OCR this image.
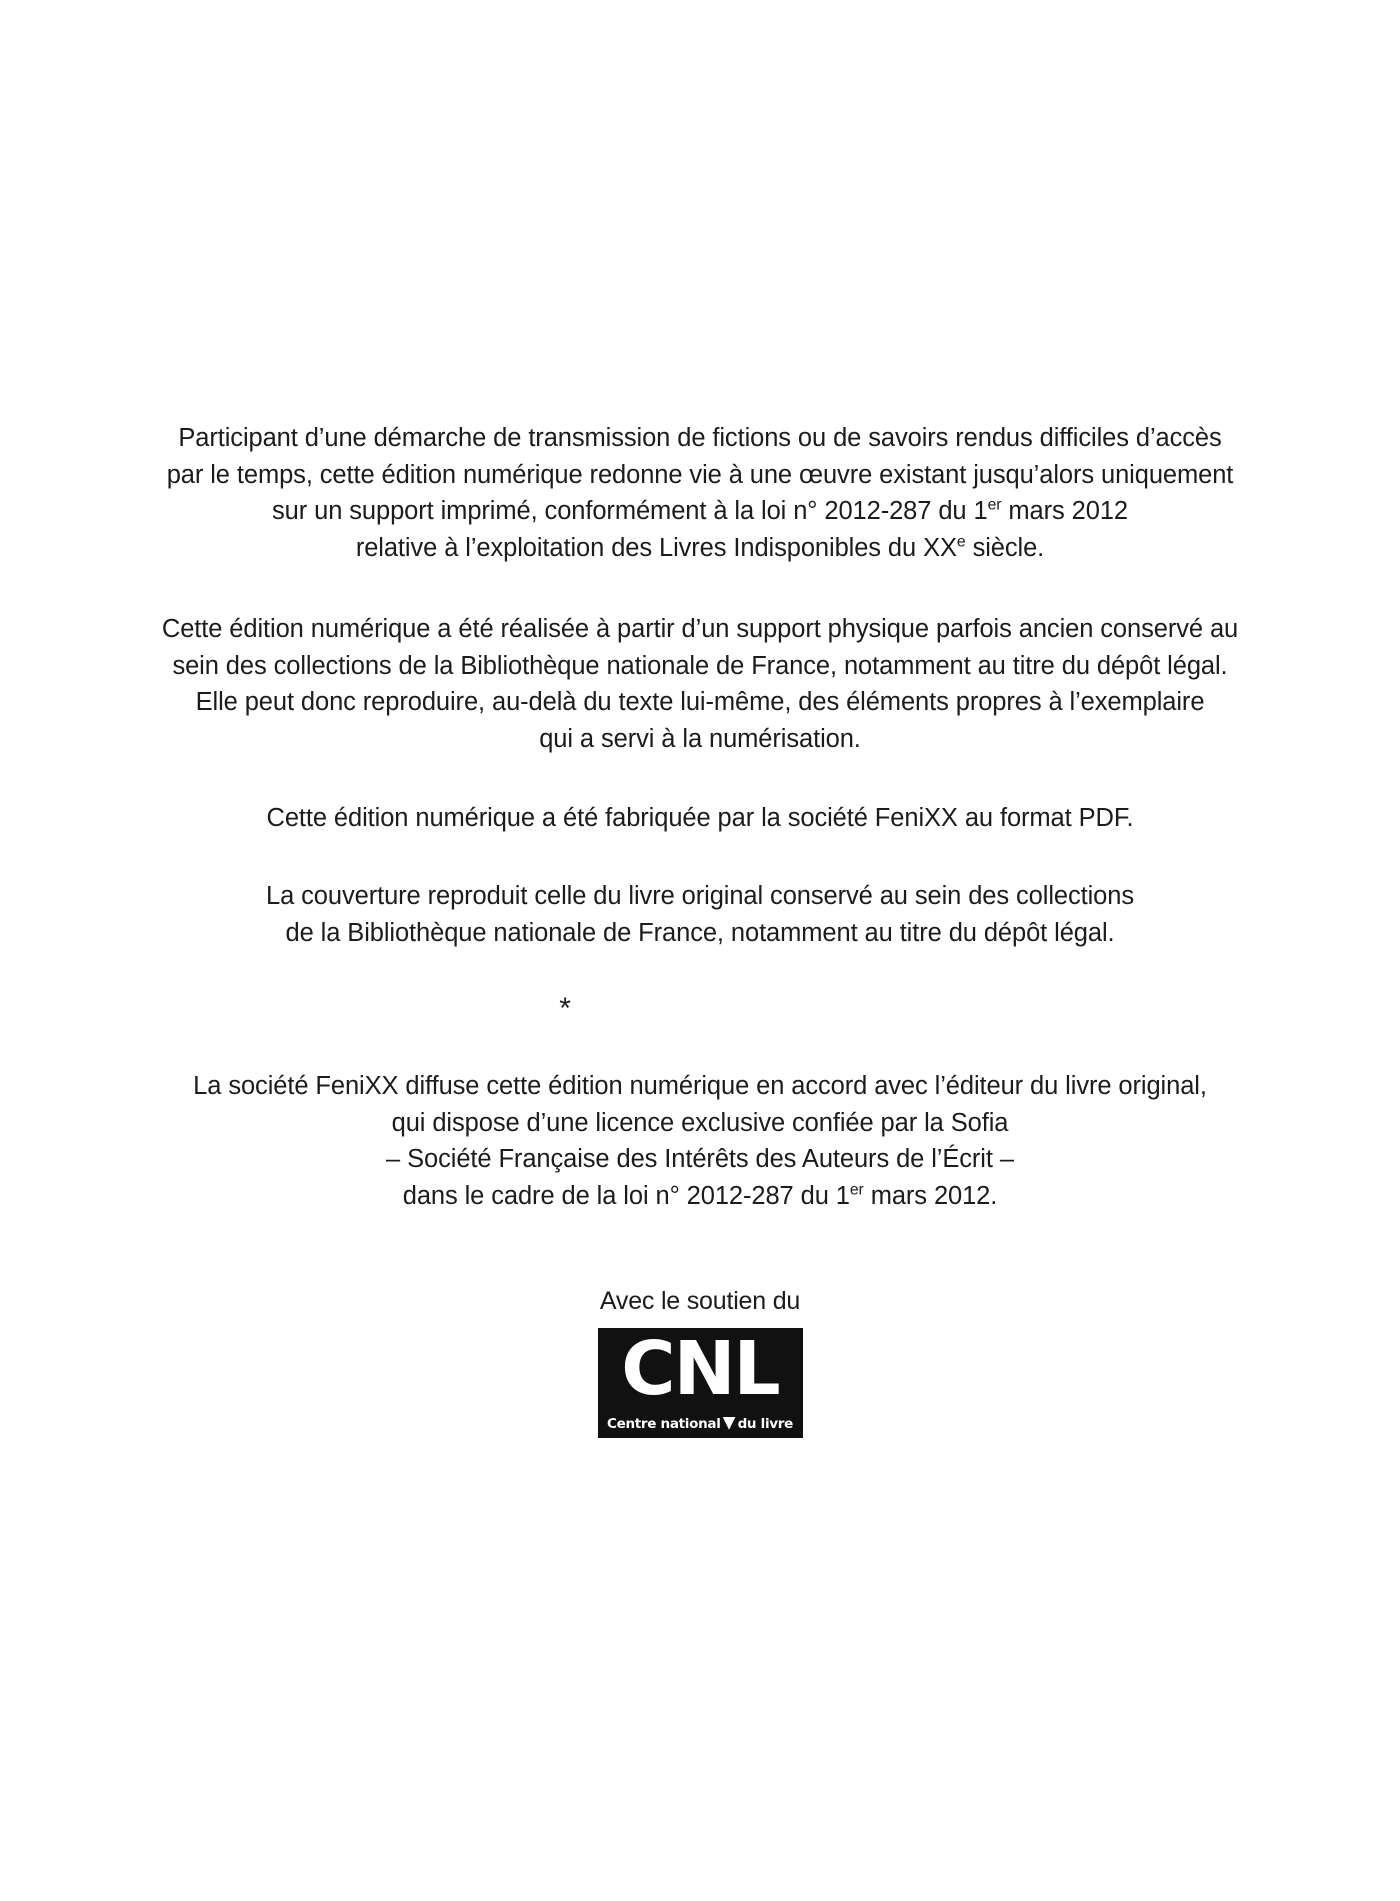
Participant d’une démarche de transmission de fictions ou de savoirs rendus difficiles d’accès
par le temps, cette édition numérique redonne vie à une œuvre existant jusqu’alors uniquement
sur un support imprimé, conformément à la loi n° 2012-287 du 1er mars 2012
relative à l’exploitation des Livres Indisponibles du XXe siècle.

Cette édition numérique a été réalisée à partir d’un support physique parfois ancien conservé au
sein des collections de la Bibliothèque nationale de France, notamment au titre du dépôt légal.
Elle peut donc reproduire, au-delà du texte lui-même, des éléments propres à l’exemplaire
qui a servi à la numérisation.

Cette édition numérique a été fabriquée par la société FeniXX au format PDF.

La couverture reproduit celle du livre original conservé au sein des collections
de la Bibliothèque nationale de France, notamment au titre du dépôt légal.

*

La société FeniXX diffuse cette édition numérique en accord avec l’éditeur du livre original,
qui dispose d’une licence exclusive confiée par la Sofia
– Société Française des Intérêts des Auteurs de l’Écrit –
dans le cadre de la loi n° 2012-287 du 1er mars 2012.

Avec le soutien du
CNL
Centre national du livre
